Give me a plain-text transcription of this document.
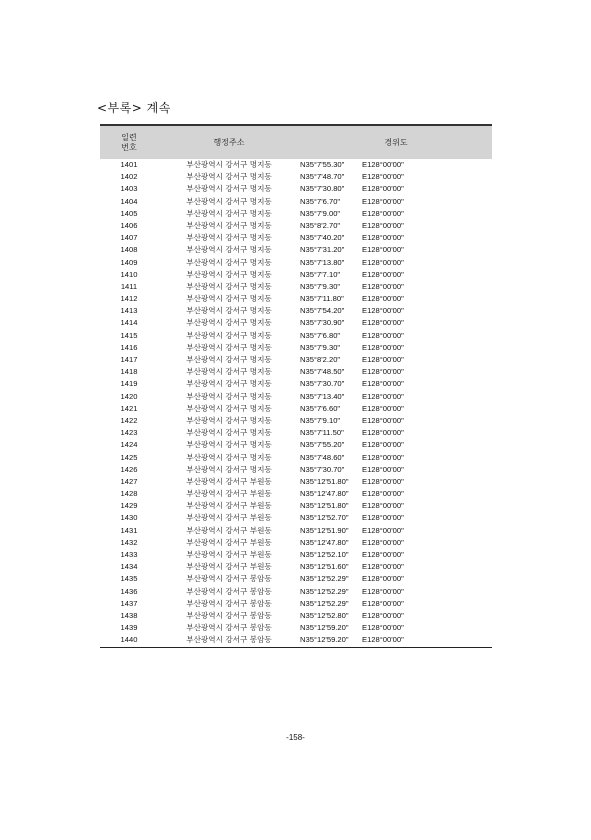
<부록> 계속
일련
번호	행정주소	경위도
1401	부산광역시 강서구 명지동	N35°7'55.30" E128°00'00"
1402	부산광역시 강서구 명지동	N35°7'48.70" E128°00'00"
1403	부산광역시 강서구 명지동	N35°7'30.80" E128°00'00"
1404	부산광역시 강서구 명지동	N35°7'6.70" E128°00'00"
1405	부산광역시 강서구 명지동	N35°7'9.00" E128°00'00"
1406	부산광역시 강서구 명지동	N35°8'2.70" E128°00'00"
1407	부산광역시 강서구 명지동	N35°7'40.20" E128°00'00"
1408	부산광역시 강서구 명지동	N35°7'31.20" E128°00'00"
1409	부산광역시 강서구 명지동	N35°7'13.80" E128°00'00"
1410	부산광역시 강서구 명지동	N35°7'7.10" E128°00'00"
1411	부산광역시 강서구 명지동	N35°7'9.30" E128°00'00"
1412	부산광역시 강서구 명지동	N35°7'11.80" E128°00'00"
1413	부산광역시 강서구 명지동	N35°7'54.20" E128°00'00"
1414	부산광역시 강서구 명지동	N35°7'30.90" E128°00'00"
1415	부산광역시 강서구 명지동	N35°7'6.80" E128°00'00"
1416	부산광역시 강서구 명지동	N35°7'9.30" E128°00'00"
1417	부산광역시 강서구 명지동	N35°8'2.20" E128°00'00"
1418	부산광역시 강서구 명지동	N35°7'48.50" E128°00'00"
1419	부산광역시 강서구 명지동	N35°7'30.70" E128°00'00"
1420	부산광역시 강서구 명지동	N35°7'13.40" E128°00'00"
1421	부산광역시 강서구 명지동	N35°7'6.60" E128°00'00"
1422	부산광역시 강서구 명지동	N35°7'9.10" E128°00'00"
1423	부산광역시 강서구 명지동	N35°7'11.50" E128°00'00"
1424	부산광역시 강서구 명지동	N35°7'55.20" E128°00'00"
1425	부산광역시 강서구 명지동	N35°7'48.60" E128°00'00"
1426	부산광역시 강서구 명지동	N35°7'30.70" E128°00'00"
1427	부산광역시 강서구 부원동	N35°12'51.80" E128°00'00"
1428	부산광역시 강서구 부원동	N35°12'47.80" E128°00'00"
1429	부산광역시 강서구 부원동	N35°12'51.80" E128°00'00"
1430	부산광역시 강서구 부원동	N35°12'52.70" E128°00'00"
1431	부산광역시 강서구 부원동	N35°12'51.90" E128°00'00"
1432	부산광역시 강서구 부원동	N35°12'47.80" E128°00'00"
1433	부산광역시 강서구 부원동	N35°12'52.10" E128°00'00"
1434	부산광역시 강서구 부원동	N35°12'51.60" E128°00'00"
1435	부산광역시 강서구 봉암동	N35°12'52.29" E128°00'00"
1436	부산광역시 강서구 봉암동	N35°12'52.29" E128°00'00"
1437	부산광역시 강서구 봉암동	N35°12'52.29" E128°00'00"
1438	부산광역시 강서구 봉암동	N35°12'52.80" E128°00'00"
1439	부산광역시 강서구 봉암동	N35°12'59.20" E128°00'00"
1440	부산광역시 강서구 봉암동	N35°12'59.20" E128°00'00"
-158-
